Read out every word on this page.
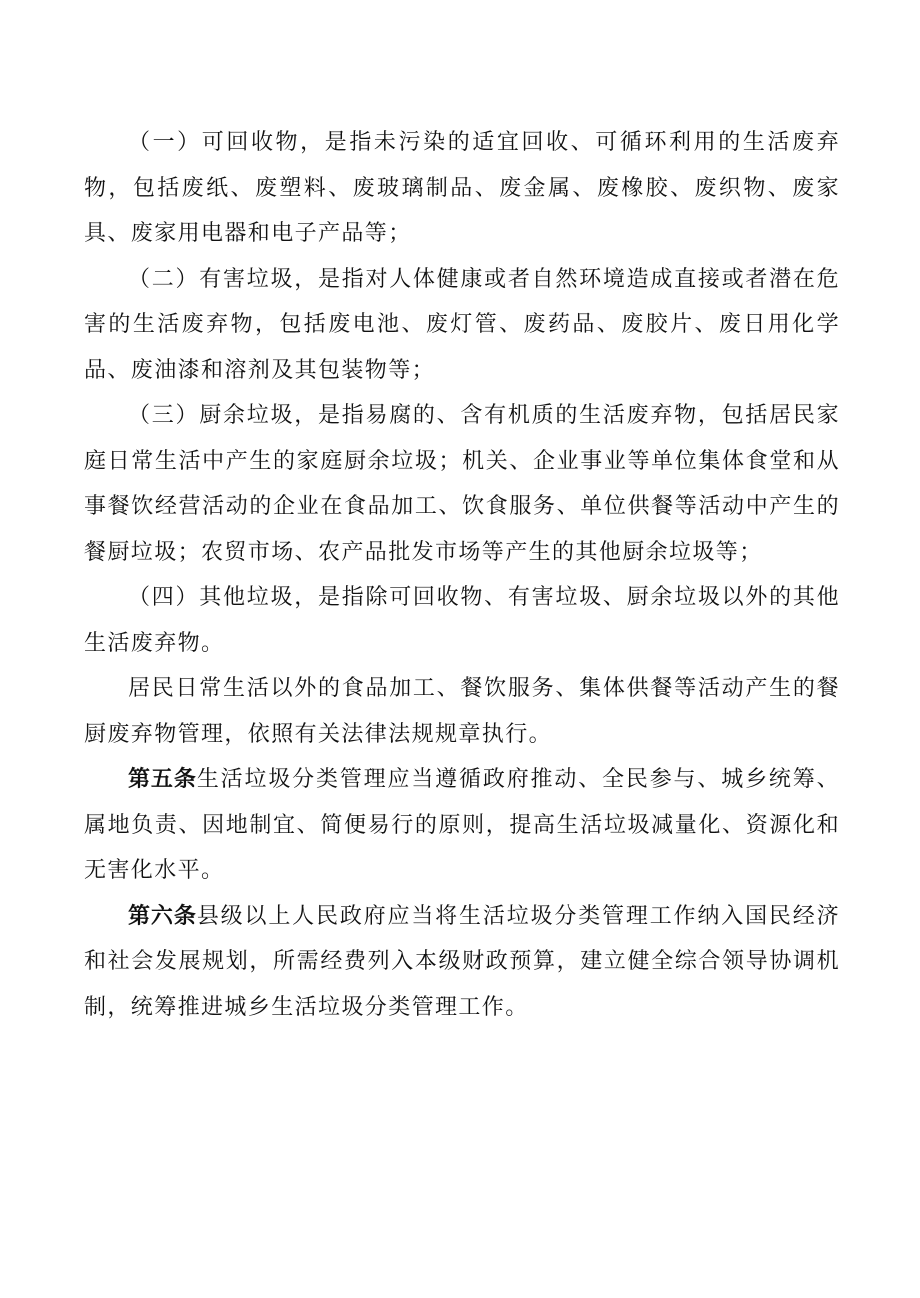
（一）可回收物，是指未污染的适宜回收、可循环利用的生活废弃物，包括废纸、废塑料、废玻璃制品、废金属、废橡胶、废织物、废家具、废家用电器和电子产品等；

（二）有害垃圾，是指对人体健康或者自然环境造成直接或者潜在危害的生活废弃物，包括废电池、废灯管、废药品、废胶片、废日用化学品、废油漆和溶剂及其包装物等；

（三）厨余垃圾，是指易腐的、含有机质的生活废弃物，包括居民家庭日常生活中产生的家庭厨余垃圾；机关、企业事业等单位集体食堂和从事餐饮经营活动的企业在食品加工、饮食服务、单位供餐等活动中产生的餐厨垃圾；农贸市场、农产品批发市场等产生的其他厨余垃圾等；

（四）其他垃圾，是指除可回收物、有害垃圾、厨余垃圾以外的其他生活废弃物。

居民日常生活以外的食品加工、餐饮服务、集体供餐等活动产生的餐厨废弃物管理，依照有关法律法规规章执行。

第五条生活垃圾分类管理应当遵循政府推动、全民参与、城乡统筹、属地负责、因地制宜、简便易行的原则，提高生活垃圾减量化、资源化和无害化水平。

第六条县级以上人民政府应当将生活垃圾分类管理工作纳入国民经济和社会发展规划，所需经费列入本级财政预算，建立健全综合领导协调机制，统筹推进城乡生活垃圾分类管理工作。
